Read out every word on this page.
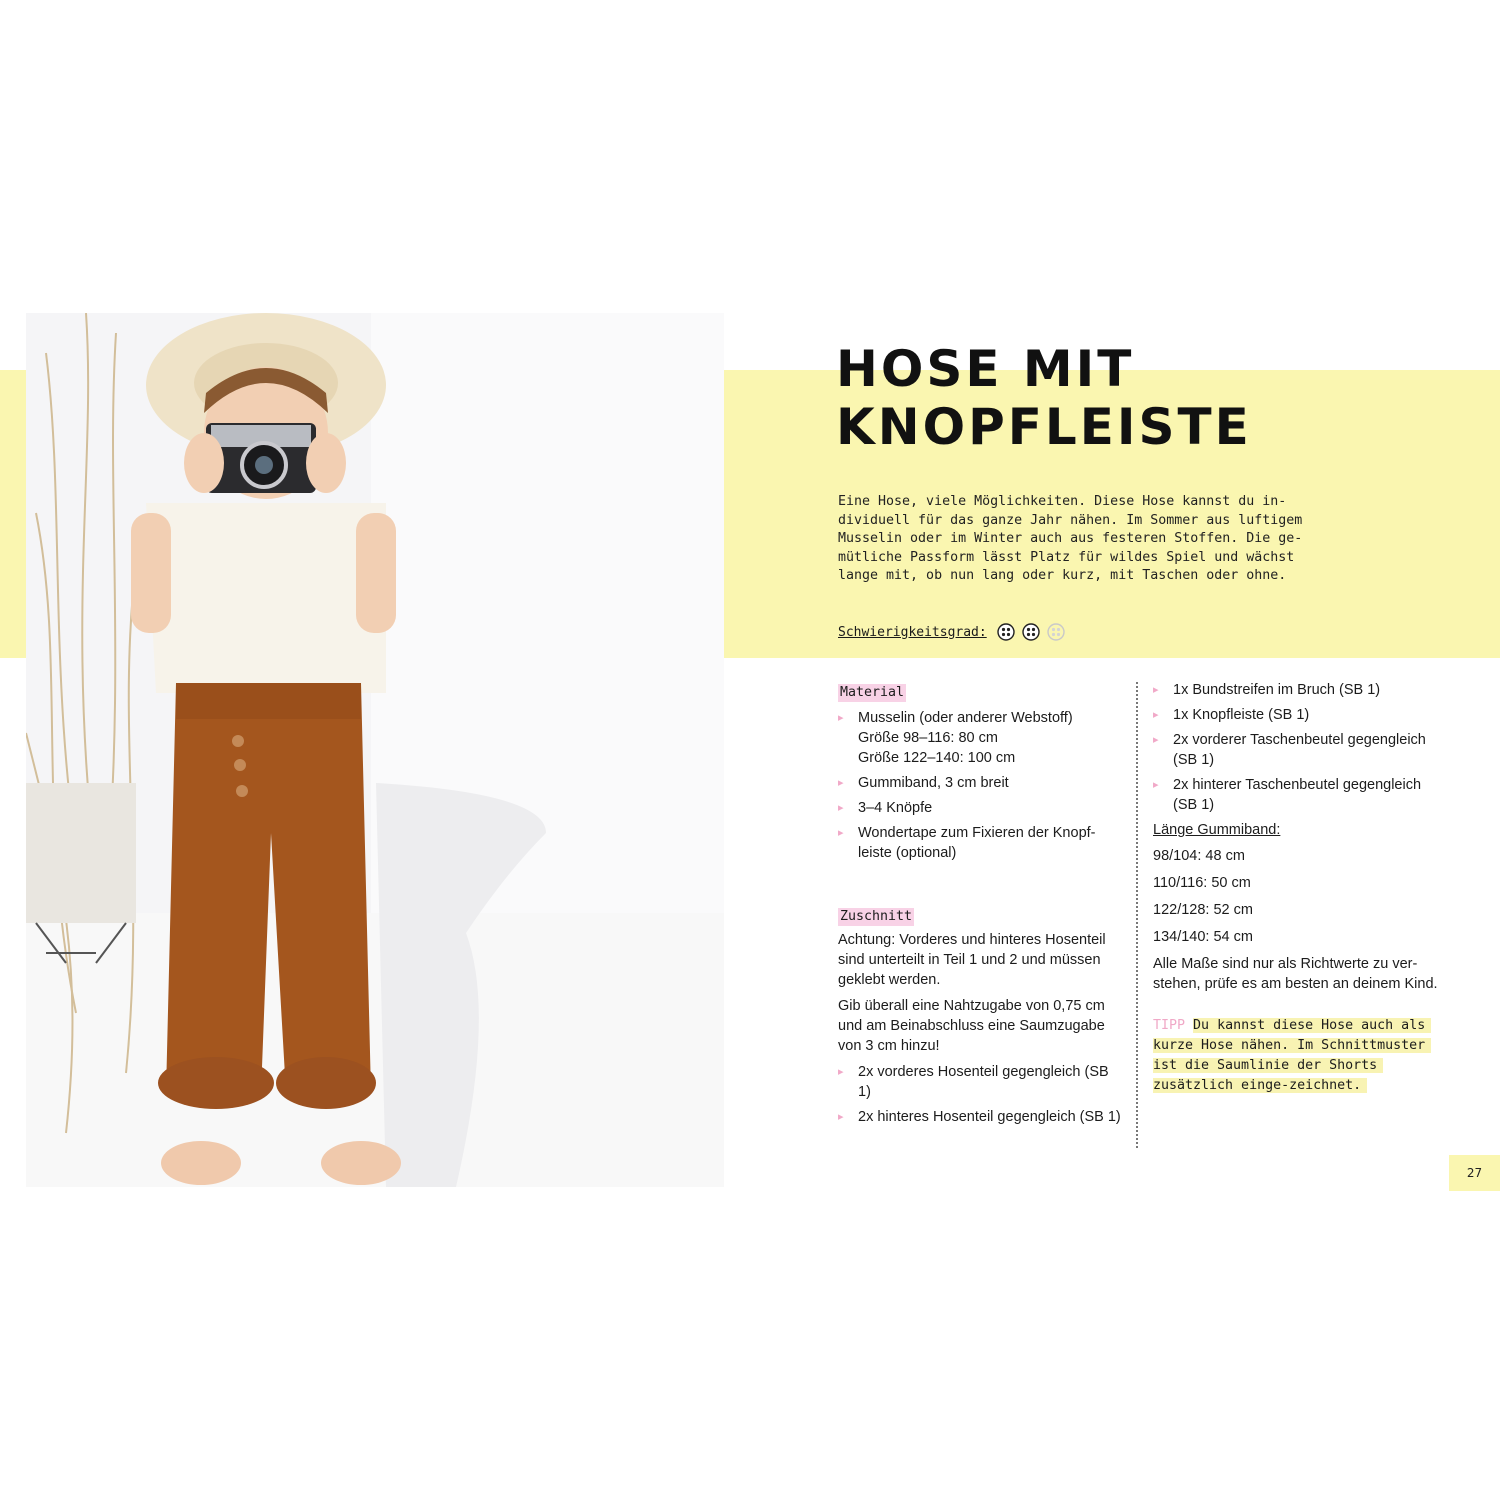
HOSE MIT
KNOPFLEISTE

Eine Hose, viele Möglichkeiten. Diese Hose kannst du in-
dividuell für das ganze Jahr nähen. Im Sommer aus luftigem
Musselin oder im Winter auch aus festeren Stoffen. Die ge-
mütliche Passform lässt Platz für wildes Spiel und wächst
lange mit, ob nun lang oder kurz, mit Taschen oder ohne.

Schwierigkeitsgrad:
Material
▸ Musselin (oder anderer Webstoff)
Größe 98–116: 80 cm
Größe 122–140: 100 cm
▸ Gummiband, 3 cm breit
▸ 3–4 Knöpfe
▸ Wondertape zum Fixieren der Knopf-leiste (optional)
Zuschnitt

Achtung: Vorderes und hinteres Hosenteil sind unterteilt in Teil 1 und 2 und müssen geklebt werden.

Gib überall eine Nahtzugabe von 0,75 cm und am Beinabschluss eine Saumzugabe von 3 cm hinzu!

▸ 2x vorderes Hosenteil gegengleich (SB 1)
▸ 2x hinteres Hosenteil gegengleich (SB 1)
▸ 1x Bundstreifen im Bruch (SB 1)
▸ 1x Knopfleiste (SB 1)
▸ 2x vorderer Taschenbeutel gegengleich (SB 1)
▸ 2x hinterer Taschenbeutel gegengleich (SB 1)
Länge Gummiband:
98/104: 48 cm
110/116: 50 cm
122/128: 52 cm
134/140: 54 cm
Alle Maße sind nur als Richtwerte zu ver-stehen, prüfe es am besten an deinem Kind.
TIPP Du kannst diese Hose auch als kurze Hose nähen. Im Schnittmuster ist die Saumlinie der Shorts zusätzlich einge-zeichnet.
27
